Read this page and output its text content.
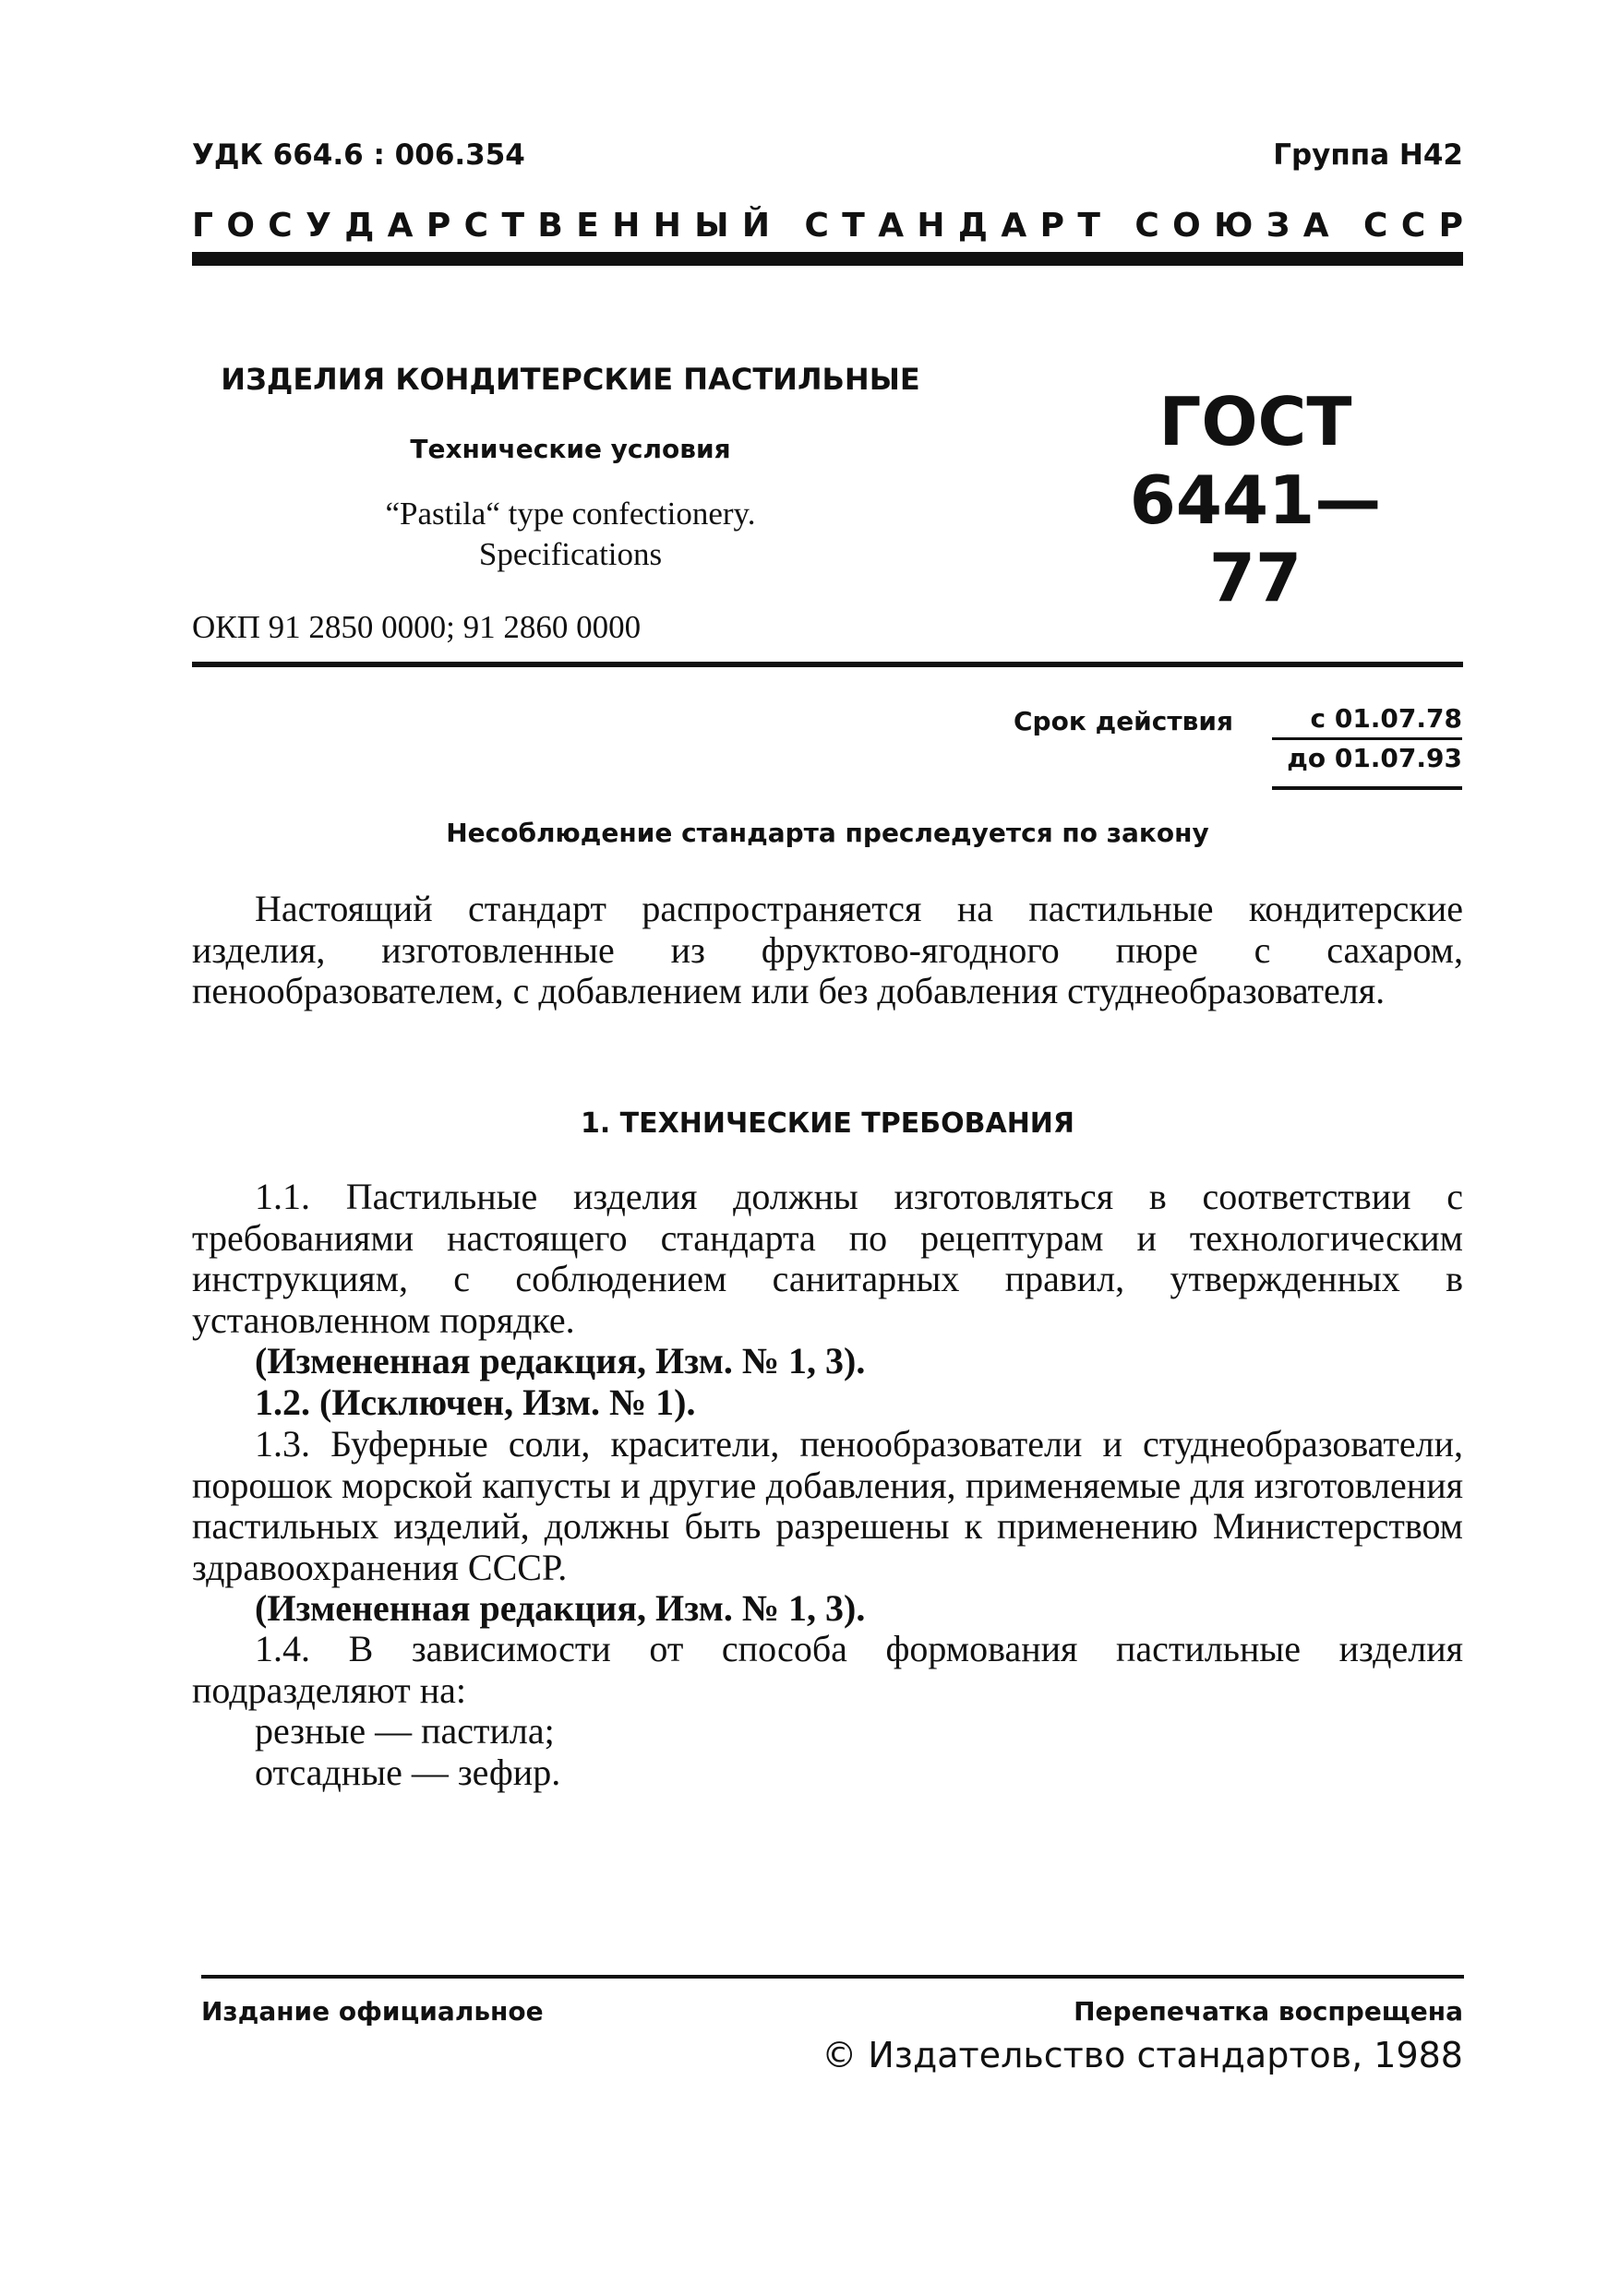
УДК 664.6 : 006.354	Группа Н42
Г  О  С  У  Д  А  Р  С  Т  В  Е  Н  Н  Ы  Й С  Т  А  Н  Д  А  Р  Т С  О  Ю  З  А С  С  Р
ИЗДЕЛИЯ КОНДИТЕРСКИЕ ПАСТИЛЬНЫЕ
Технические условия
“Pastila“ type confectionery.
Specifications
ГОСТ
6441—77
ОКП 91 2850 0000; 91 2860 0000
Срок действия	с 01.07.78
до 01.07.93
Несоблюдение стандарта преследуется по закону

Настоящий стандарт распространяется на пастильные кондитерские изделия, изготовленные из фруктово-ягодного пюре с сахаром, пенообразователем, с добавлением или без добавления студнеобразователя.

1. ТЕХНИЧЕСКИЕ ТРЕБОВАНИЯ

1.1. Пастильные изделия должны изготовляться в соответствии с требованиями настоящего стандарта по рецептурам и технологическим инструкциям, с соблюдением санитарных правил, утвержденных в установленном порядке.

(Измененная редакция, Изм. № 1, 3).

1.2. (Исключен, Изм. № 1).

1.3. Буферные соли, красители, пенообразователи и студнеобразователи, порошок морской капусты и другие добавления, применяемые для изготовления пастильных изделий, должны быть разрешены к применению Министерством здравоохранения СССР.

(Измененная редакция, Изм. № 1, 3).

1.4. В зависимости от способа формования пастильные изделия подразделяют на:

резные — пастила;

отсадные — зефир.

Издание официальное	Перепечатка воспрещена
© Издательство стандартов, 1988
